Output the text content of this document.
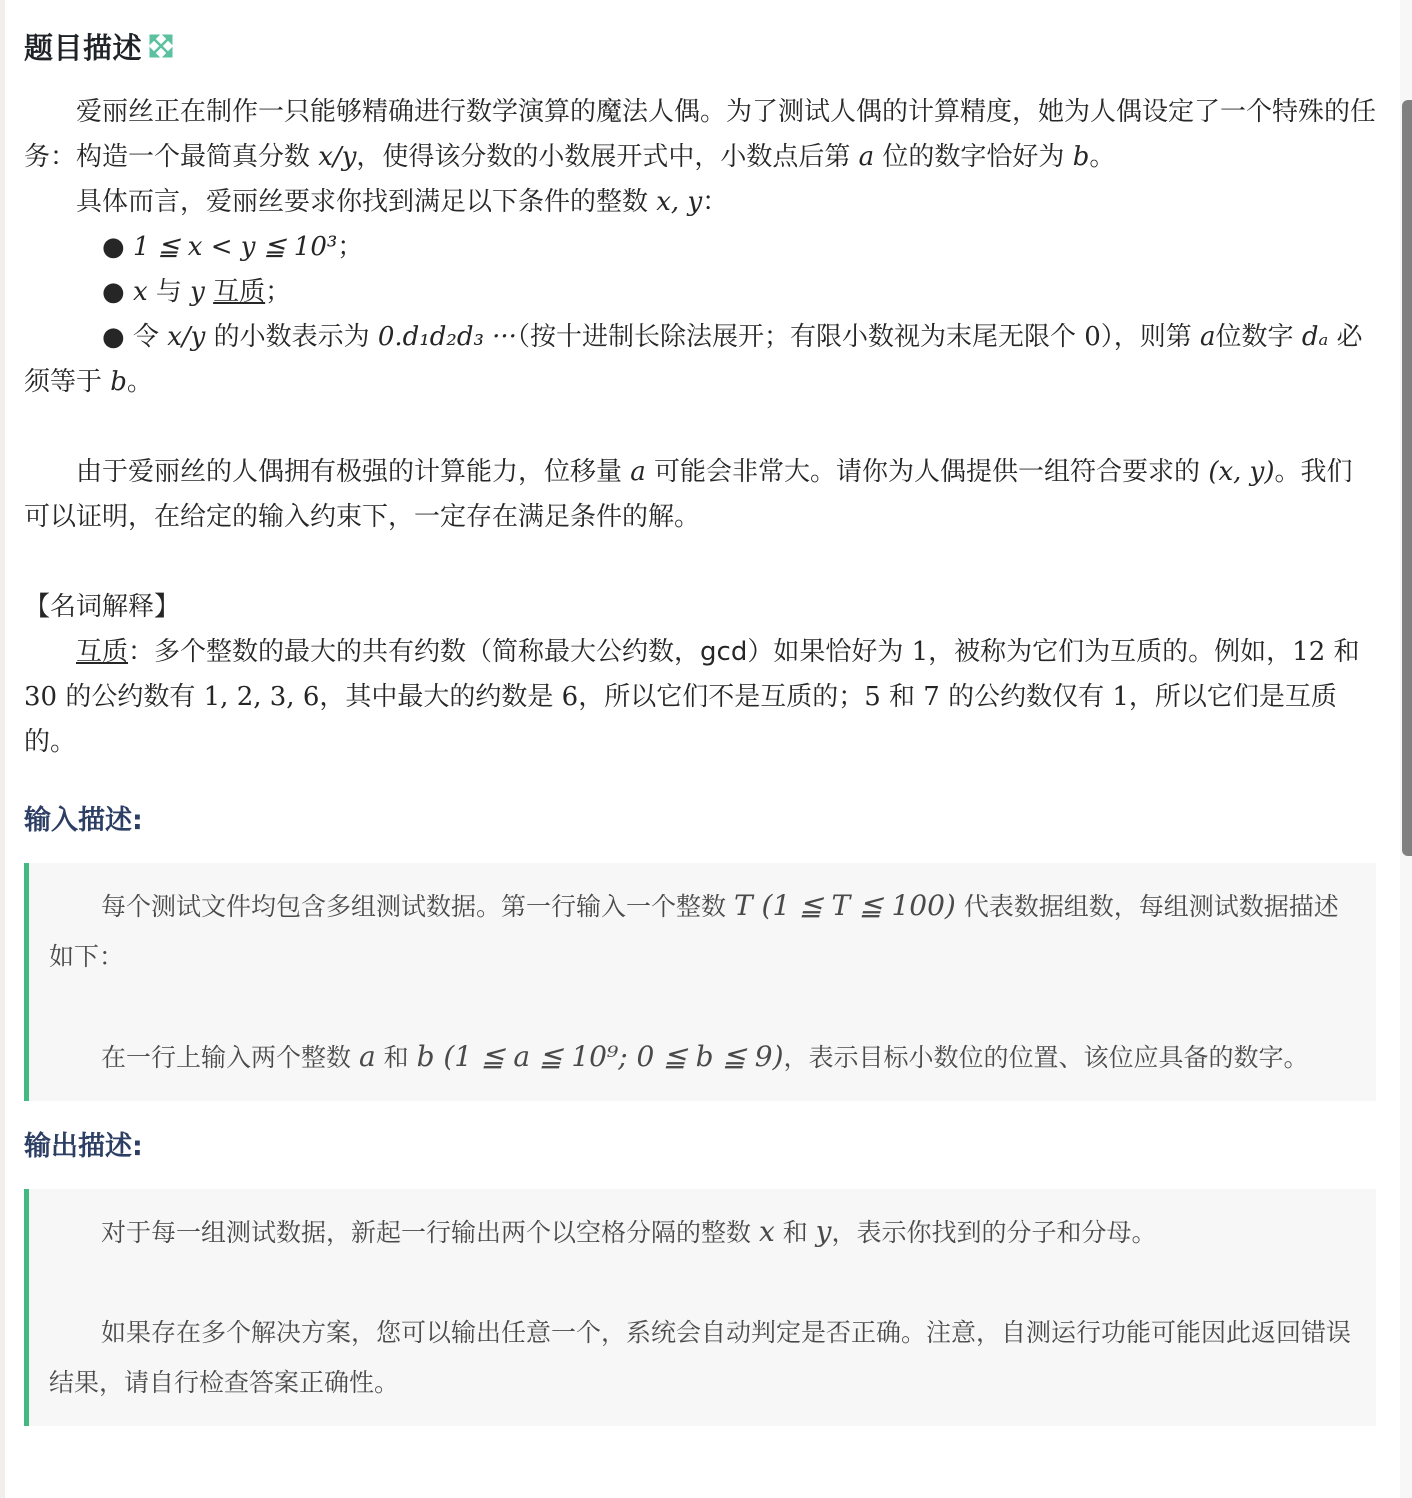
题目描述

爱丽丝正在制作一只能够精确进行数学演算的魔法人偶。为了测试人偶的计算精度，她为人偶设定了一个特殊的任务：构造一个最简真分数 x/y，使得该分数的小数展开式中，小数点后第 a 位的数字恰好为 b。

具体而言，爱丽丝要求你找到满足以下条件的整数 x, y：

● 1 ≦ x < y ≦ 10³；

● x 与 y 互质；

● 令 x/y 的小数表示为 0.d₁d₂d₃ ···（按十进制长除法展开；有限小数视为末尾无限个 0），则第 a位数字 dₐ 必须等于 b。

由于爱丽丝的人偶拥有极强的计算能力，位移量 a 可能会非常大。请你为人偶提供一组符合要求的 (x, y)。我们可以证明，在给定的输入约束下，一定存在满足条件的解。

【名词解释】

互质：多个整数的最大的共有约数（简称最大公约数，gcd）如果恰好为 1，被称为它们为互质的。例如，12 和 30 的公约数有 1, 2, 3, 6，其中最大的约数是 6，所以它们不是互质的；5 和 7 的公约数仅有 1，所以它们是互质的。

输入描述:

每个测试文件均包含多组测试数据。第一行输入一个整数 T (1 ≦ T ≦ 100) 代表数据组数，每组测试数据描述如下：

在一行上输入两个整数 a 和 b (1 ≦ a ≦ 10⁹; 0 ≦ b ≦ 9)，表示目标小数位的位置、该位应具备的数字。

输出描述:

对于每一组测试数据，新起一行输出两个以空格分隔的整数 x 和 y，表示你找到的分子和分母。

如果存在多个解决方案，您可以输出任意一个，系统会自动判定是否正确。注意，自测运行功能可能因此返回错误结果，请自行检查答案正确性。
